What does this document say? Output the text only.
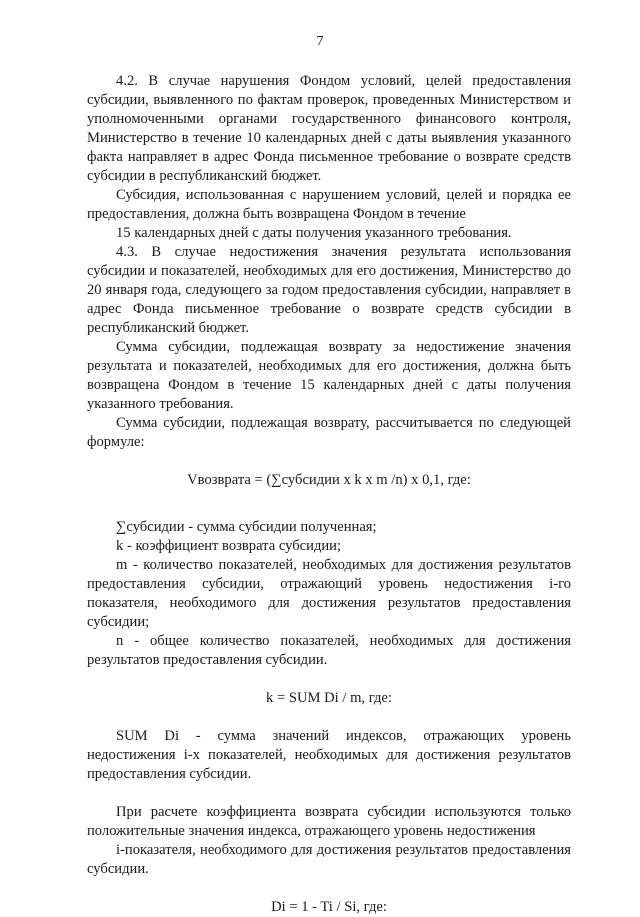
7

4.2. В случае нарушения Фондом условий, целей предоставления субсидии, выявленного по фактам проверок, проведенных Министерством и уполномоченными органами государственного финансового контроля, Министерство в течение 10 календарных дней с даты выявления указанного факта направляет в адрес Фонда письменное требование о возврате средств субсидии в республиканский бюджет.

Субсидия, использованная с нарушением условий, целей и порядка ее предоставления, должна быть возвращена Фондом в течение

15 календарных дней с даты получения указанного требования.

4.3. В случае недостижения значения результата использования субсидии и показателей, необходимых для его достижения, Министерство до 20 января года, следующего за годом предоставления субсидии, направляет в адрес Фонда письменное требование о возврате средств субсидии в республиканский бюджет.

Сумма субсидии, подлежащая возврату за недостижение значения результата и показателей, необходимых для его достижения, должна быть возвращена Фондом в течение 15 календарных дней с даты получения указанного требования.

Сумма субсидии, подлежащая возврату, рассчитывается по следующей формуле:

Vвозврата = (∑субсидии x k x m /n) x 0,1, где:

∑субсидии - сумма субсидии полученная;

k - коэффициент возврата субсидии;

m - количество показателей, необходимых для достижения результатов предоставления субсидии, отражающий уровень недостижения i-го показателя, необходимого для достижения результатов предоставления субсидии;

n - общее количество показателей, необходимых для достижения результатов предоставления субсидии.

k = SUM Di / m, где:

SUM Di - сумма значений индексов, отражающих уровень недостижения i-х показателей, необходимых для достижения результатов предоставления субсидии.

При расчете коэффициента возврата субсидии используются только положительные значения индекса, отражающего уровень недостижения

i-показателя, необходимого для достижения результатов предоставления субсидии.

Di = 1 - Ti / Si, где:
